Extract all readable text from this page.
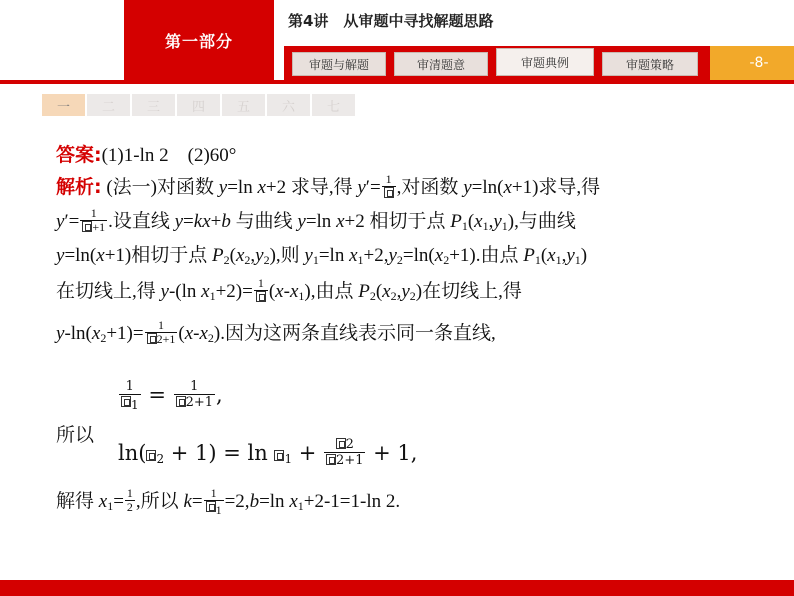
第一部分
第4讲　从审题中寻找解题思路
审题与解题	审清题意	审题典例	审题策略	-8-
一	二	三	四	五	六	七
答案:(1)1-ln 2　(2)60°
解析: (法一)对函数 y=ln x+2 求导,得 y′= 1 ,对函数 y=ln(x+1)求导,得
$y'= \frac{1}{+1}$ .设直线 y=kx+b 与曲线 y=ln x+2 相切于点 $P_1(x_1,y_1)$,与曲线
y=ln(x+1)相切于点 $P_2(x_2,y_2)$,则 $y_1=\ln$ $x_1+2,y_2=\ln(x_2+1)$.由点 $P_1(x_1,y_1)$
在切线上,得 y-(ln $x_1+2)= 1$ $(x-x_1)$,由点 $P_2(x_2,y_2)$在切线上,得
$y-\ln(x_2+1)= \frac{1}{2+1} (x-x_2)$.因为这两条直线表示同一条直线,
$\frac{1}{_1} = \frac{1}{2+1}$ ,
所以
ln( $_2 + 1) = \ln _1 + \frac{2}{2+1} + 1$,
解得 $x_1= \frac{1}{2}$ ,所以 $k= \frac{1}{_1} =2,b=\ln$ $x_1+2-1=1-\ln$ 2.
